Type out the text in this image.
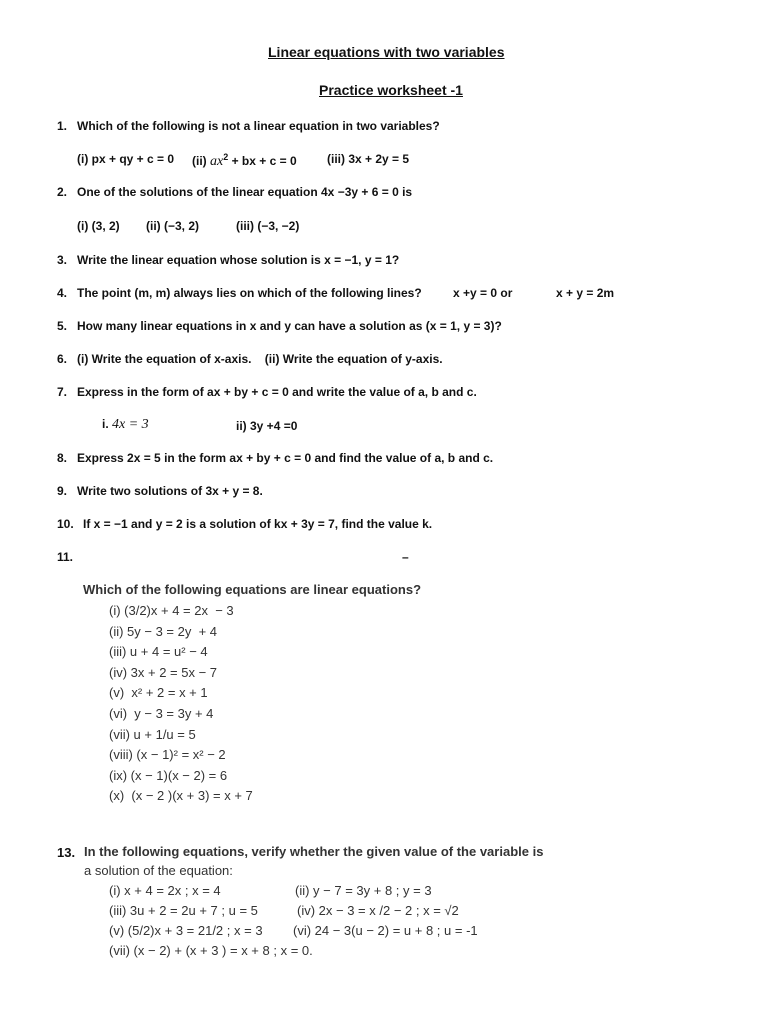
Linear equations with two variables
Practice worksheet -1
1. Which of the following is not a linear equation in two variables?
(i) px + qy + c = 0 (ii) $ax^2$ + bx + c = 0	(iii) 3x + 2y = 5
2. One of the solutions of the linear equation 4x −3y + 6 = 0 is
(i) (3, 2) (ii) (−3, 2)	(iii) (−3, −2)
3. Write the linear equation whose solution is x = −1, y = 1?
4. The point (m, m) always lies on which of the following lines?	x +y = 0 or	x + y = 2m
5. How many linear equations in x and y can have a solution as (x = 1, y = 3)?
6. (i) Write the equation of x-axis.    (ii) Write the equation of y-axis.
7. Express in the form of ax + by + c = 0 and write the value of a, b and c.
i. 4x = 3	ii) 3y +4 =0
8. Express 2x = 5 in the form ax + by + c = 0 and find the value of a, b and c.
9. Write two solutions of 3x + y = 8.
10. If x = −1 and y = 2 is a solution of kx + 3y = 7, find the value k.
11.	–
Which of the following equations are linear equations?
(i) (3/2)x + 4 = 2x  − 3
(ii) 5y − 3 = 2y  + 4
(iii) u + 4 = u² − 4
(iv) 3x + 2 = 5x − 7
(v)  x² + 2 = x + 1
(vi)  y − 3 = 3y + 4
(vii) u + 1/u = 5
(viii) (x − 1)² = x² − 2
(ix) (x − 1)(x − 2) = 6
(x)  (x − 2 )(x + 3) = x + 7
13. In the following equations, verify whether the given value of the variable is
a solution of the equation:
(i) x + 4 = 2x ; x = 4	(ii) y − 7 = 3y + 8 ; y = 3
(iii) 3u + 2 = 2u + 7 ; u = 5	(iv) 2x − 3 = x /2 − 2 ; x = √2
(v) (5/2)x + 3 = 21/2 ; x = 3 (vi) 24 − 3(u − 2) = u + 8 ; u = -1
(vii) (x − 2) + (x + 3 ) = x + 8 ; x = 0.
